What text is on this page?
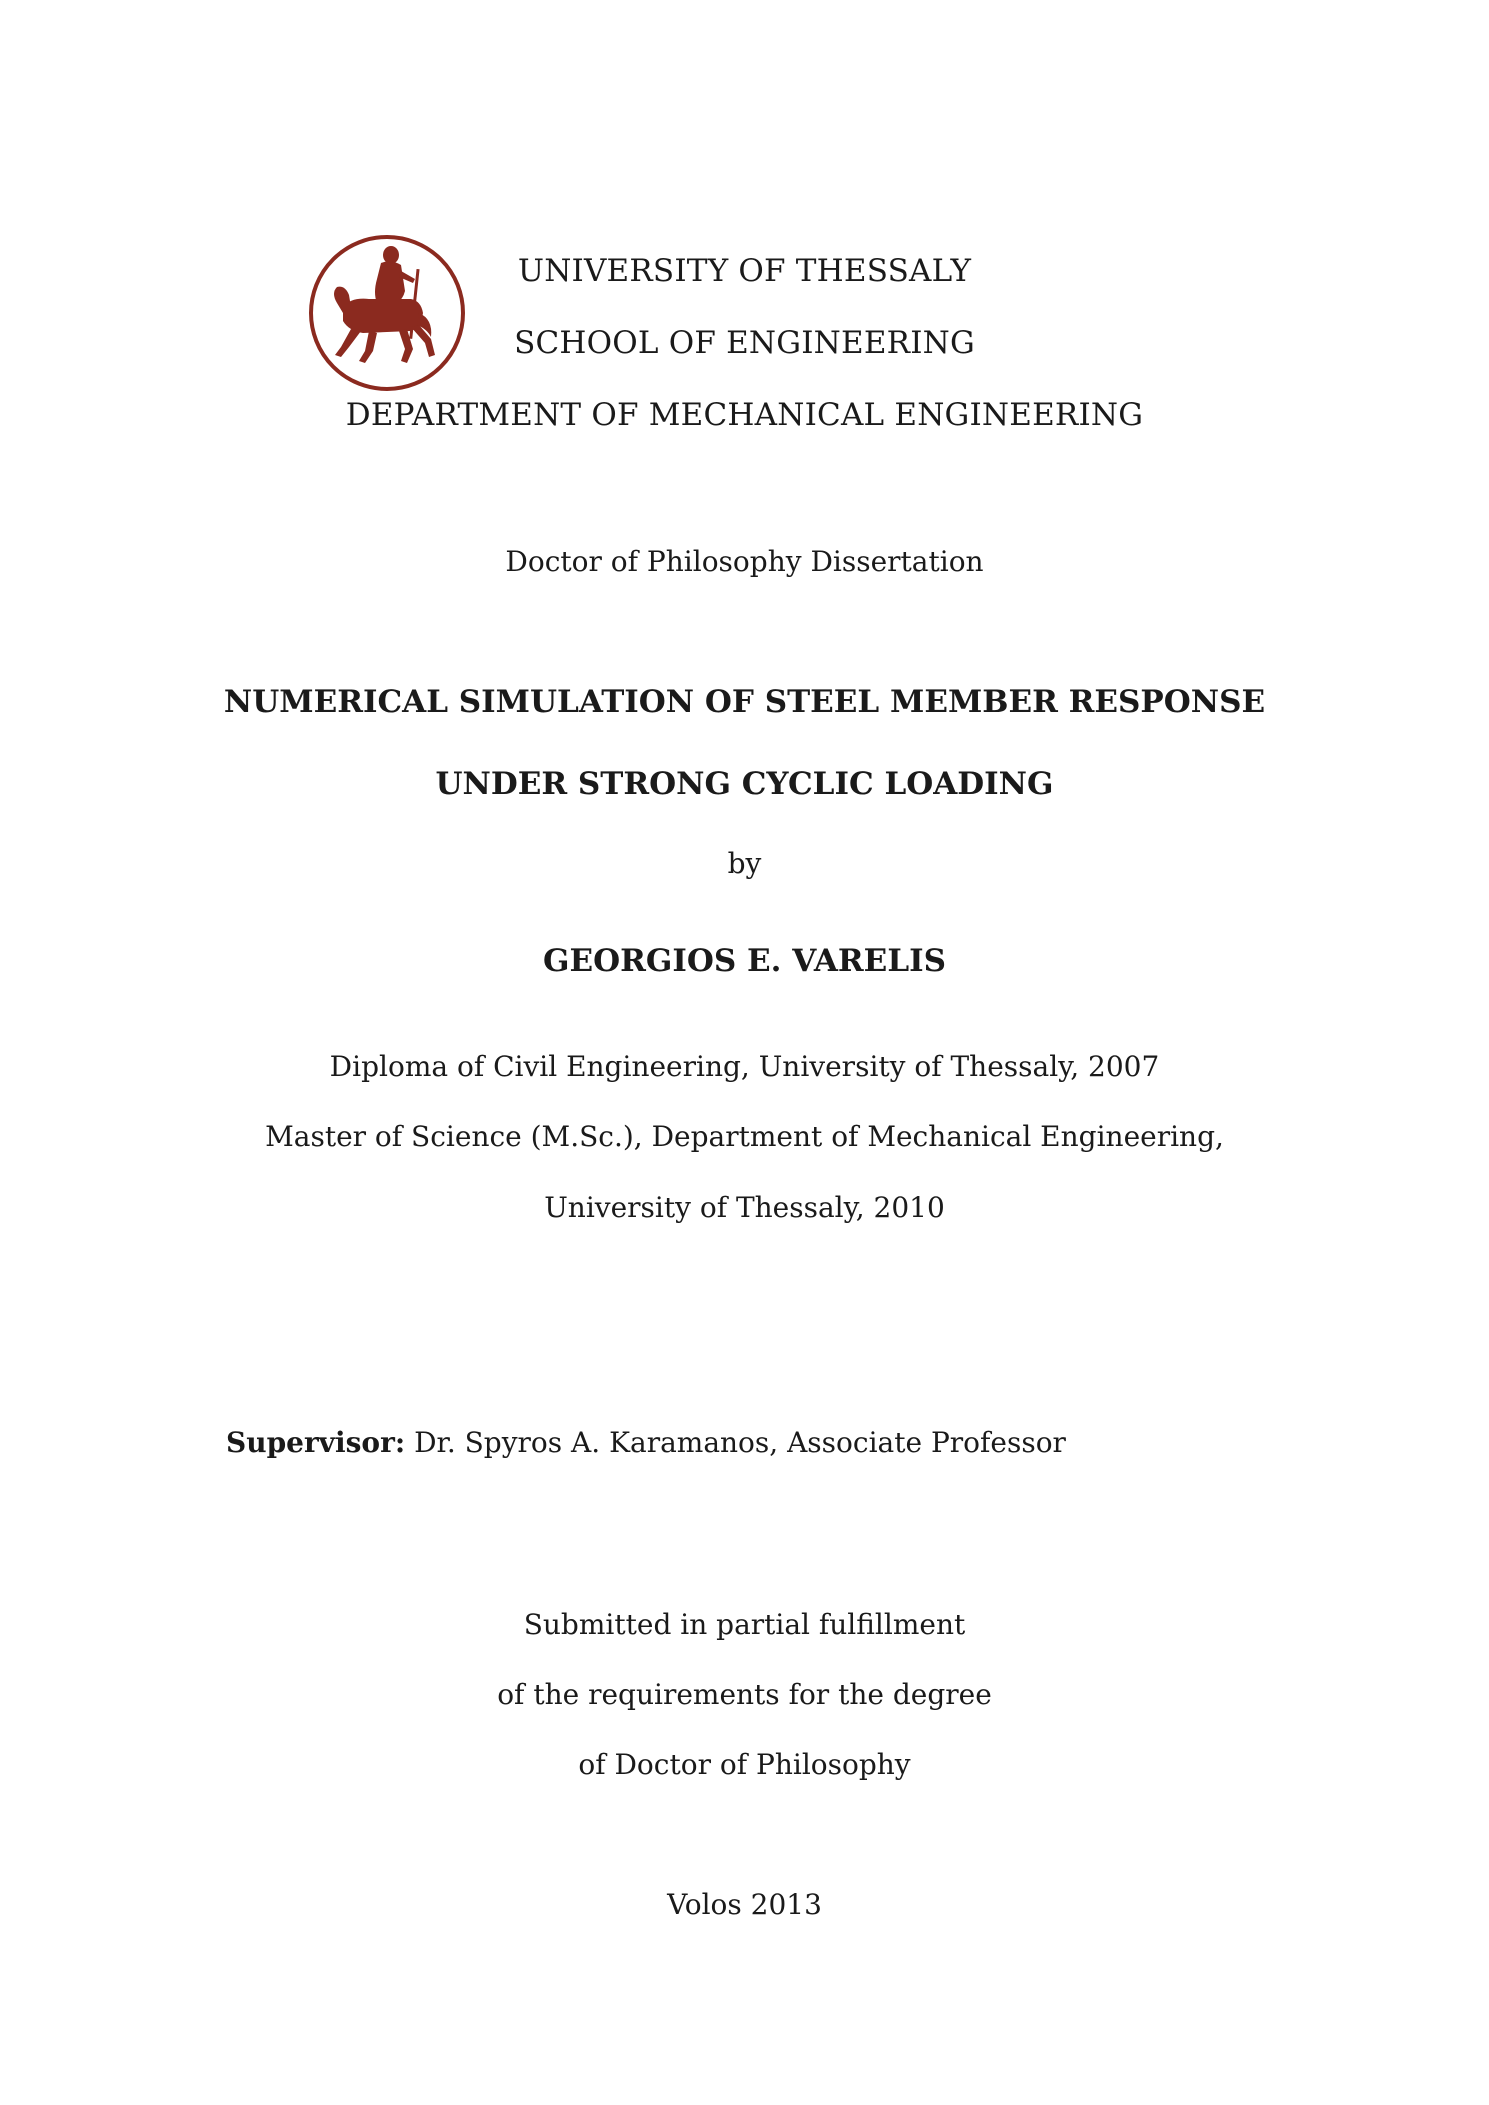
UNIVERSITY OF THESSALY
SCHOOL OF ENGINEERING
DEPARTMENT OF MECHANICAL ENGINEERING
Doctor of Philosophy Dissertation
NUMERICAL SIMULATION OF STEEL MEMBER RESPONSE
UNDER STRONG CYCLIC LOADING
by
GEORGIOS E. VARELIS
Diploma of Civil Engineering, University of Thessaly, 2007
Master of Science (M.Sc.), Department of Mechanical Engineering,
University of Thessaly, 2010
Supervisor: Dr. Spyros A. Karamanos, Associate Professor
Submitted in partial fulfillment
of the requirements for the degree
of Doctor of Philosophy
Volos 2013
